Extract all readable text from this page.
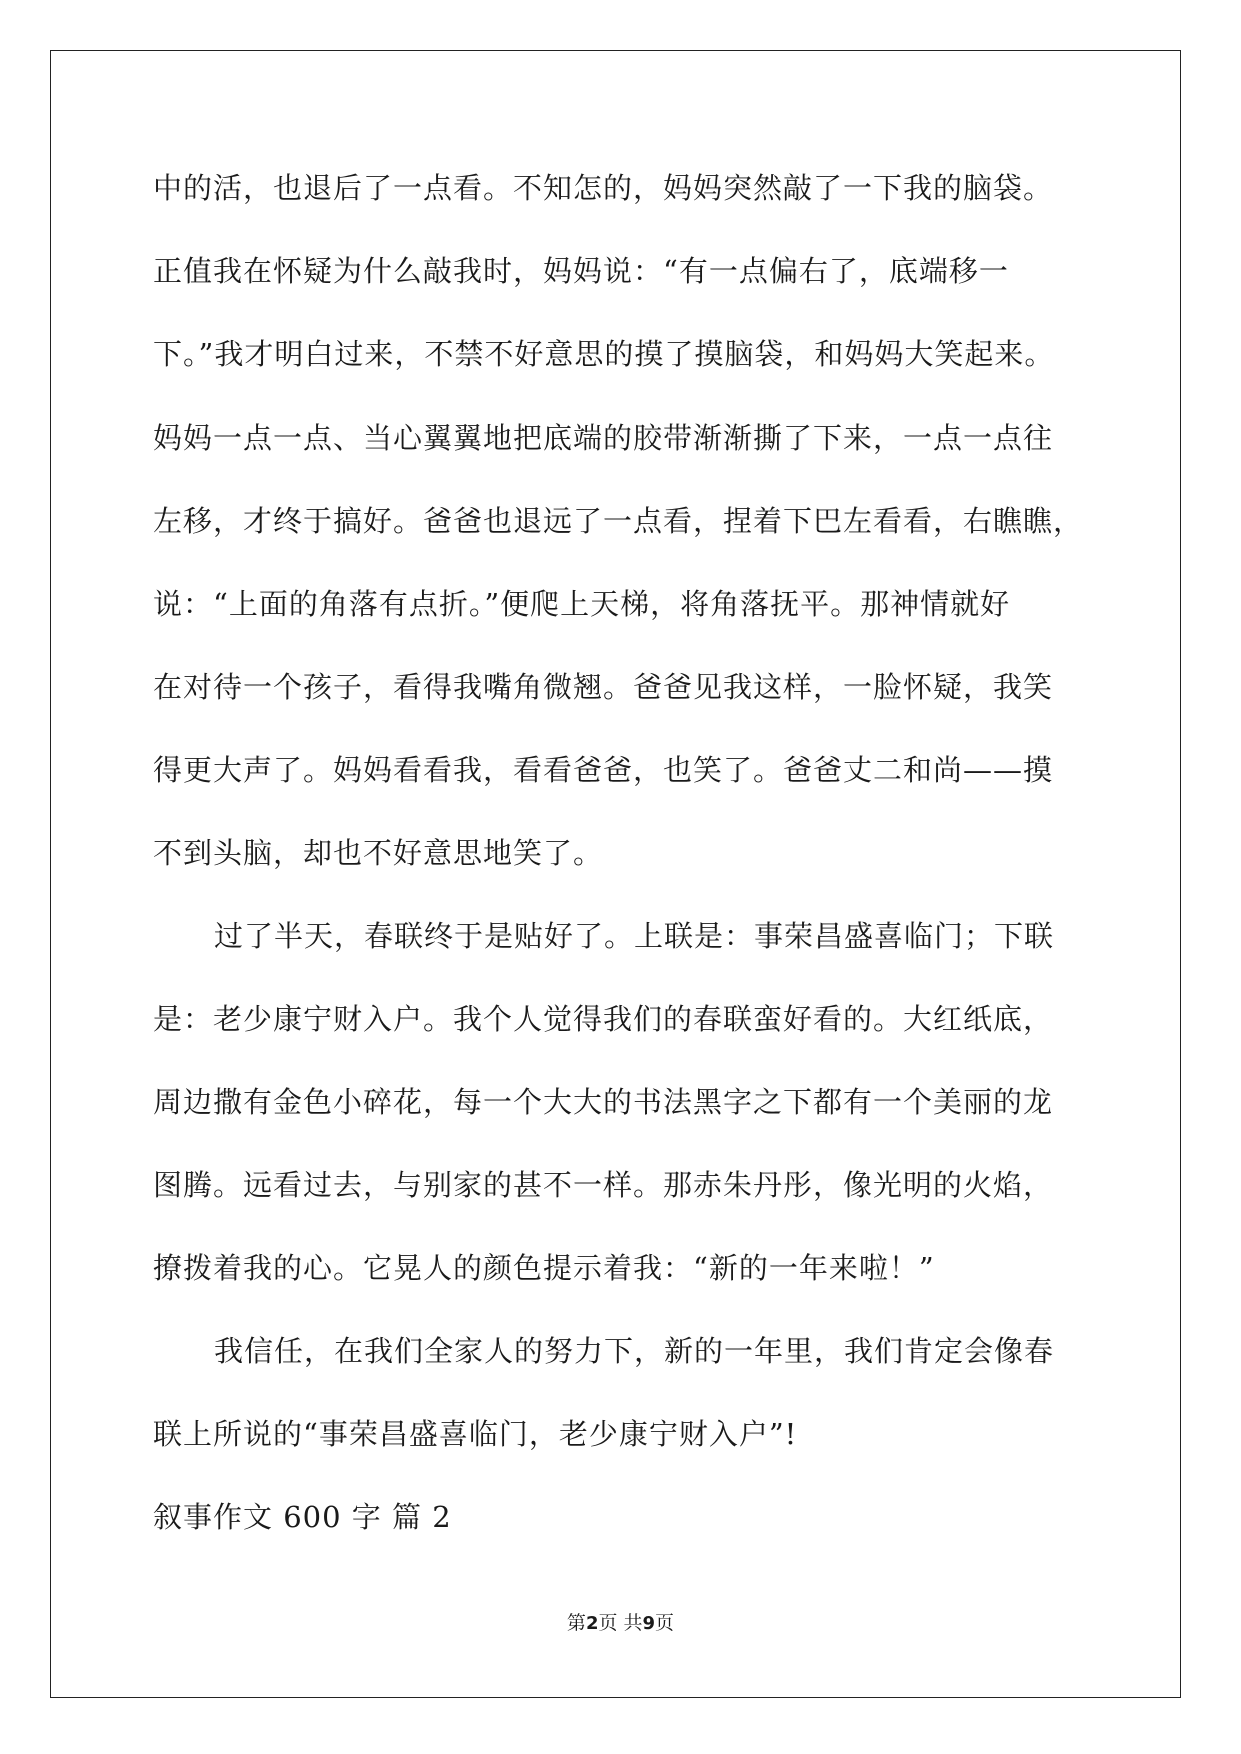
中的活，也退后了一点看。不知怎的，妈妈突然敲了一下我的脑袋。
正值我在怀疑为什么敲我时，妈妈说：“有一点偏右了，底端移一
下。”我才明白过来，不禁不好意思的摸了摸脑袋，和妈妈大笑起来。
妈妈一点一点、当心翼翼地把底端的胶带渐渐撕了下来，一点一点往
左移，才终于搞好。爸爸也退远了一点看，捏着下巴左看看，右瞧瞧，
说：“上面的角落有点折。”便爬上天梯，将角落抚平。那神情就好
在对待一个孩子，看得我嘴角微翘。爸爸见我这样，一脸怀疑，我笑
得更大声了。妈妈看看我，看看爸爸，也笑了。爸爸丈二和尚——摸
不到头脑，却也不好意思地笑了。
过了半天，春联终于是贴好了。上联是：事荣昌盛喜临门；下联
是：老少康宁财入户。我个人觉得我们的春联蛮好看的。大红纸底，
周边撒有金色小碎花，每一个大大的书法黑字之下都有一个美丽的龙
图腾。远看过去，与别家的甚不一样。那赤朱丹彤，像光明的火焰，
撩拨着我的心。它晃人的颜色提示着我：“新的一年来啦！”
我信任，在我们全家人的努力下，新的一年里，我们肯定会像春
联上所说的“事荣昌盛喜临门，老少康宁财入户”!
叙事作文 600 字 篇 2
第2页 共9页
